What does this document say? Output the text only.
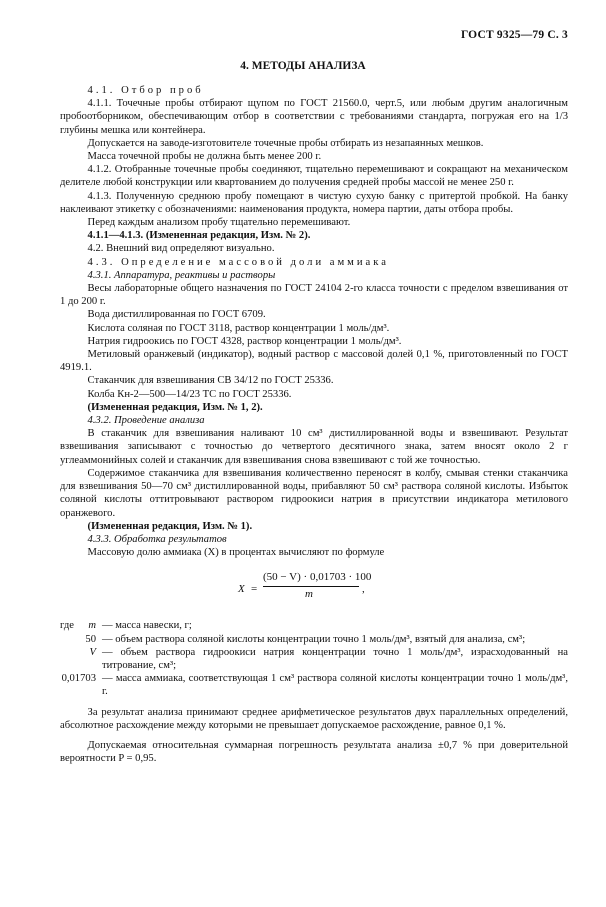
ГОСТ 9325—79 С. 3
4. МЕТОДЫ АНАЛИЗА

4.1. Отбор проб

4.1.1. Точечные пробы отбирают щупом по ГОСТ 21560.0, черт.5, или любым другим аналогичным пробоотборником, обеспечивающим отбор в соответствии с требованиями стандарта, погружая его на 1/3 глубины мешка или контейнера.

Допускается на заводе-изготовителе точечные пробы отбирать из незапаянных мешков.

Масса точечной пробы не должна быть менее 200 г.

4.1.2. Отобранные точечные пробы соединяют, тщательно перемешивают и сокращают на механическом делителе любой конструкции или квартованием до получения средней пробы массой не менее 250 г.

4.1.3. Полученную среднюю пробу помещают в чистую сухую банку с притертой пробкой. На банку наклеивают этикетку с обозначениями: наименования продукта, номера партии, даты отбора пробы.

Перед каждым анализом пробу тщательно перемешивают.

4.1.1—4.1.3. (Измененная редакция, Изм. № 2).

4.2. Внешний вид определяют визуально.

4.3. Определение массовой доли аммиака

4.3.1. Аппаратура, реактивы и растворы

Весы лабораторные общего назначения по ГОСТ 24104 2-го класса точности с пределом взвешивания от 1 до 200 г.

Вода дистиллированная по ГОСТ 6709.

Кислота соляная по ГОСТ 3118, раствор концентрации 1 моль/дм³.

Натрия гидроокись по ГОСТ 4328, раствор концентрации 1 моль/дм³.

Метиловый оранжевый (индикатор), водный раствор с массовой долей 0,1 %, приготовленный по ГОСТ 4919.1.

Стаканчик для взвешивания СВ 34/12 по ГОСТ 25336.

Колба Кн-2—500—14/23 ТС по ГОСТ 25336.

(Измененная редакция, Изм. № 1, 2).

4.3.2. Проведение анализа

В стаканчик для взвешивания наливают 10 см³ дистиллированной воды и взвешивают. Результат взвешивания записывают с точностью до четвертого десятичного знака, затем вносят около 2 г углеаммонийных солей и стаканчик для взвешивания снова взвешивают с той же точностью.

Содержимое стаканчика для взвешивания количественно переносят в колбу, смывая стенки стаканчика для взвешивания 50—70 см³ дистиллированной воды, прибавляют 50 см³ раствора соляной кислоты. Избыток соляной кислоты оттитровывают раствором гидроокиси натрия в присутствии индикатора метилового оранжевого.

(Измененная редакция, Изм. № 1).

4.3.3. Обработка результатов

Массовую долю аммиака (X) в процентах вычисляют по формуле

X =
(50 − V) · 0,01703 · 100
m	,
где	m — масса навески, г;
50 — объем раствора соляной кислоты концентрации точно 1 моль/дм³, взятый для анализа, см³;
V — объем раствора гидроокиси натрия концентрации точно 1 моль/дм³, израсходованный на титрование, см³;
0,01703 — масса аммиака, соответствующая 1 см³ раствора соляной кислоты концентрации точно 1 моль/дм³, г.

За результат анализа принимают среднее арифметическое результатов двух параллельных определений, абсолютное расхождение между которыми не превышает допускаемое расхождение, равное 0,1 %.

Допускаемая относительная суммарная погрешность результата анализа ±0,7 % при доверительной вероятности P = 0,95.
